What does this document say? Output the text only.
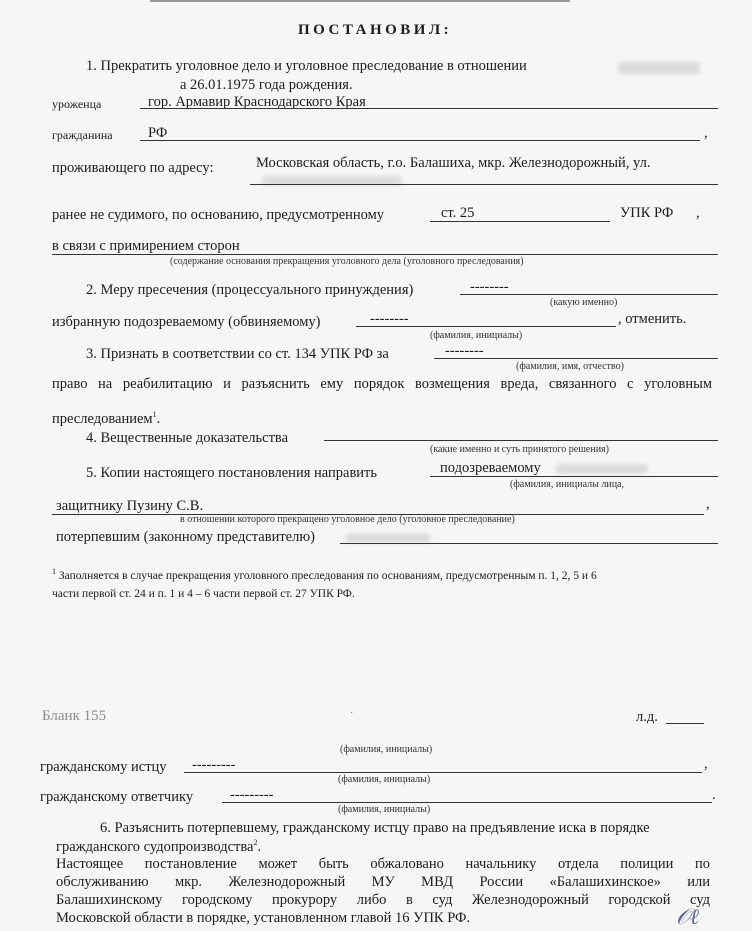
ПОСТАНОВИЛ:
1. Прекратить уголовное дело и уголовное преследование в отношении
а 26.01.1975 года рождения.
уроженца	гор. Армавир Краснодарского Края
гражданина РФ	,
проживающего по адресу:	Московская область, г.о. Балашиха, мкр. Железнодорожный, ул.
ранее не судимого, по основанию, предусмотренному	ст. 25	УПК РФ ,
в связи с примирением сторон
(содержание основания прекращения уголовного дела (уголовного преследования)
2. Меру пресечения (процессуального принуждения)	--------
(какую именно)
избранную подозреваемому (обвиняемому)	--------	, отменить.
(фамилия, инициалы)
3. Признать в соответствии со ст. 134 УПК РФ за	--------
(фамилия, имя, отчество)
право на реабилитацию и разъяснить ему порядок возмещения вреда, связанного с уголовным
преследованием$^1$.
4. Вещественные доказательства
(какие именно и суть принятого решения)
5. Копии настоящего постановления направить	подозреваемому
(фамилия, инициалы лица,
защитнику Пузину С.В.	,
в отношении которого прекращено уголовное дело (уголовное преследование)
потерпевшим (законному представителю)
$^1$ Заполняется в случае прекращения уголовного преследования по основаниям, предусмотренным п. 1, 2, 5 и 6
части первой ст. 24 и п. 1 и 4 – 6 части первой ст. 27 УПК РФ.
Бланк 155	·	л.д.
(фамилия, инициалы)
гражданскому истцу ---------	,
(фамилия, инициалы)
гражданскому ответчику	---------	.
(фамилия, инициалы)
6. Разъяснить потерпевшему, гражданскому истцу право на предъявление иска в порядке
гражданского судопроизводства$^2$.
Настоящее постановление может быть обжаловано начальнику отдела полиции по
обслуживанию мкр. Железнодорожный МУ МВД России «Балашихинское» или
Балашихинскому городскому прокурору либо в суд Железнодорожный городской суд
Московской области в порядке, установленном главой 16 УПК РФ.	𝒪ℓ
